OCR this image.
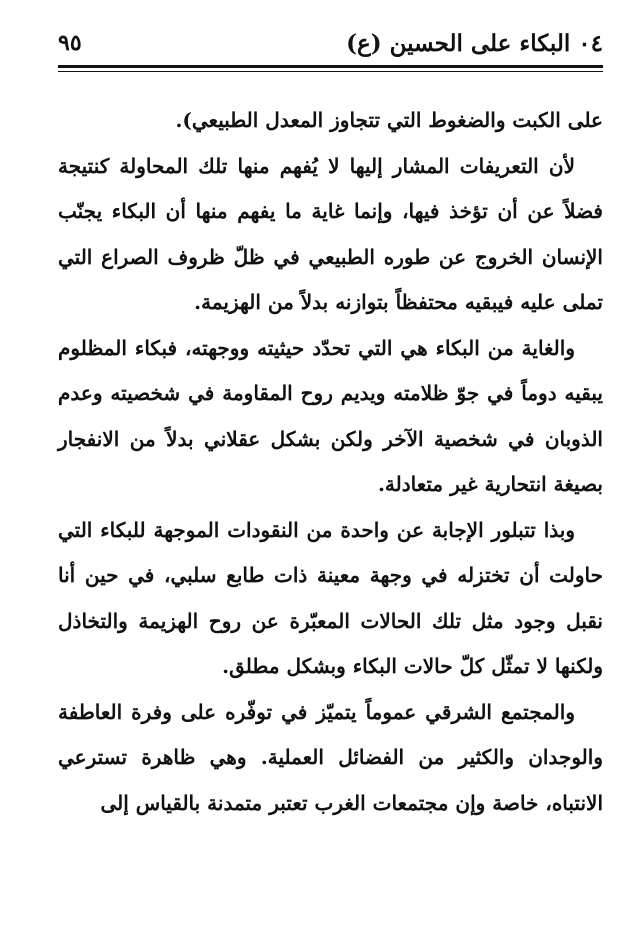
٠٤ البكاء على الحسين (ع)
٩٥

على الكبت والضغوط التي تتجاوز المعدل الطبيعي).

لأن التعريفات المشار إليها لا يُفهم منها تلك المحاولة كنتيجة فضلاً عن أن تؤخذ فيها، وإنما غاية ما يفهم منها أن البكاء يجنّب الإنسان الخروج عن طوره الطبيعي في ظلّ ظروف الصراع التي تملى عليه فيبقيه محتفظاً بتوازنه بدلاً من الهزيمة.

والغاية من البكاء هي التي تحدّد حيثيته ووجهته، فبكاء المظلوم يبقيه دوماً في جوّ ظلامته ويديم روح المقاومة في شخصيته وعدم الذوبان في شخصية الآخر ولكن بشكل عقلاني بدلاً من الانفجار بصيغة انتحارية غير متعادلة.

وبذا تتبلور الإجابة عن واحدة من النقودات الموجهة للبكاء التي حاولت أن تختزله في وجهة معينة ذات طابع سلبي، في حين أنا نقبل وجود مثل تلك الحالات المعبّرة عن روح الهزيمة والتخاذل ولكنها لا تمثّل كلّ حالات البكاء وبشكل مطلق.

والمجتمع الشرقي عموماً يتميّز في توفّره على وفرة العاطفة والوجدان والكثير من الفضائل العملية. وهي ظاهرة تسترعي الانتباه، خاصة وإن مجتمعات الغرب تعتبر متمدنة بالقياس إلى
